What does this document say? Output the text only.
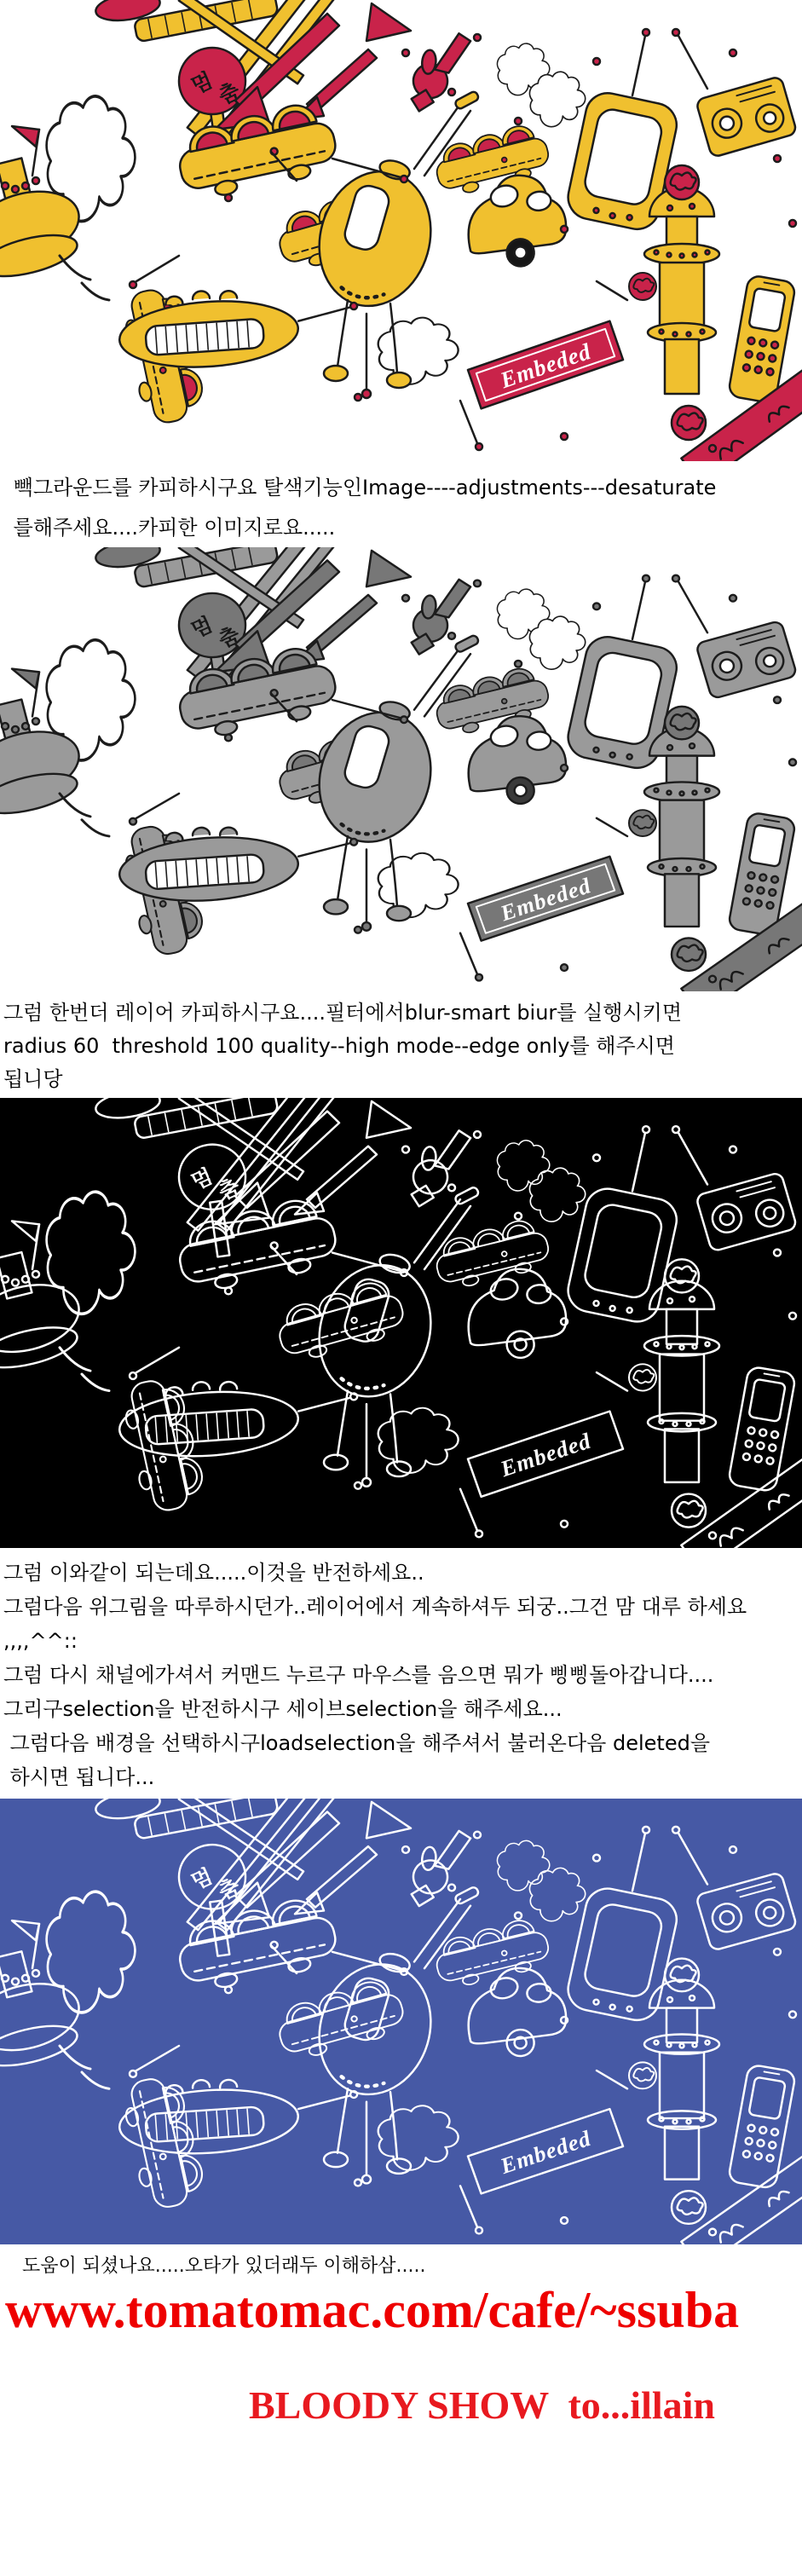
빽그라운드를 카피하시구요 탈색기능인Image----adjustments---desaturate
를해주세요....카피한 이미지로요.....
그럼 한번더 레이어 카피하시구요....필터에서blur-smart biur를 실행시키면
radius 60  threshold 100 quality--high mode--edge only를 해주시면
됩니당
그럼 이와같이 되는데요.....이것을 반전하세요..
그럼다음 위그림을 따루하시던가..레이어에서 계속하셔두 되궁..그건 맘 대루 하세요
,,,,^^::
그럼 다시 채널에가셔서 커맨드 누르구 마우스를 음으면 뭐가 삥삥돌아갑니다....
그리구selection을 반전하시구 세이브selection을 해주세요...
그럼다음 배경을 선택하시구loadselection을 해주셔서 불러온다음 deleted을
하시면 됩니다...
도움이 되셨나요.....오타가 있더래두 이해하삼.....
www.tomatomac.com/cafe/~ssuba
BLOODY SHOW  to...illain
